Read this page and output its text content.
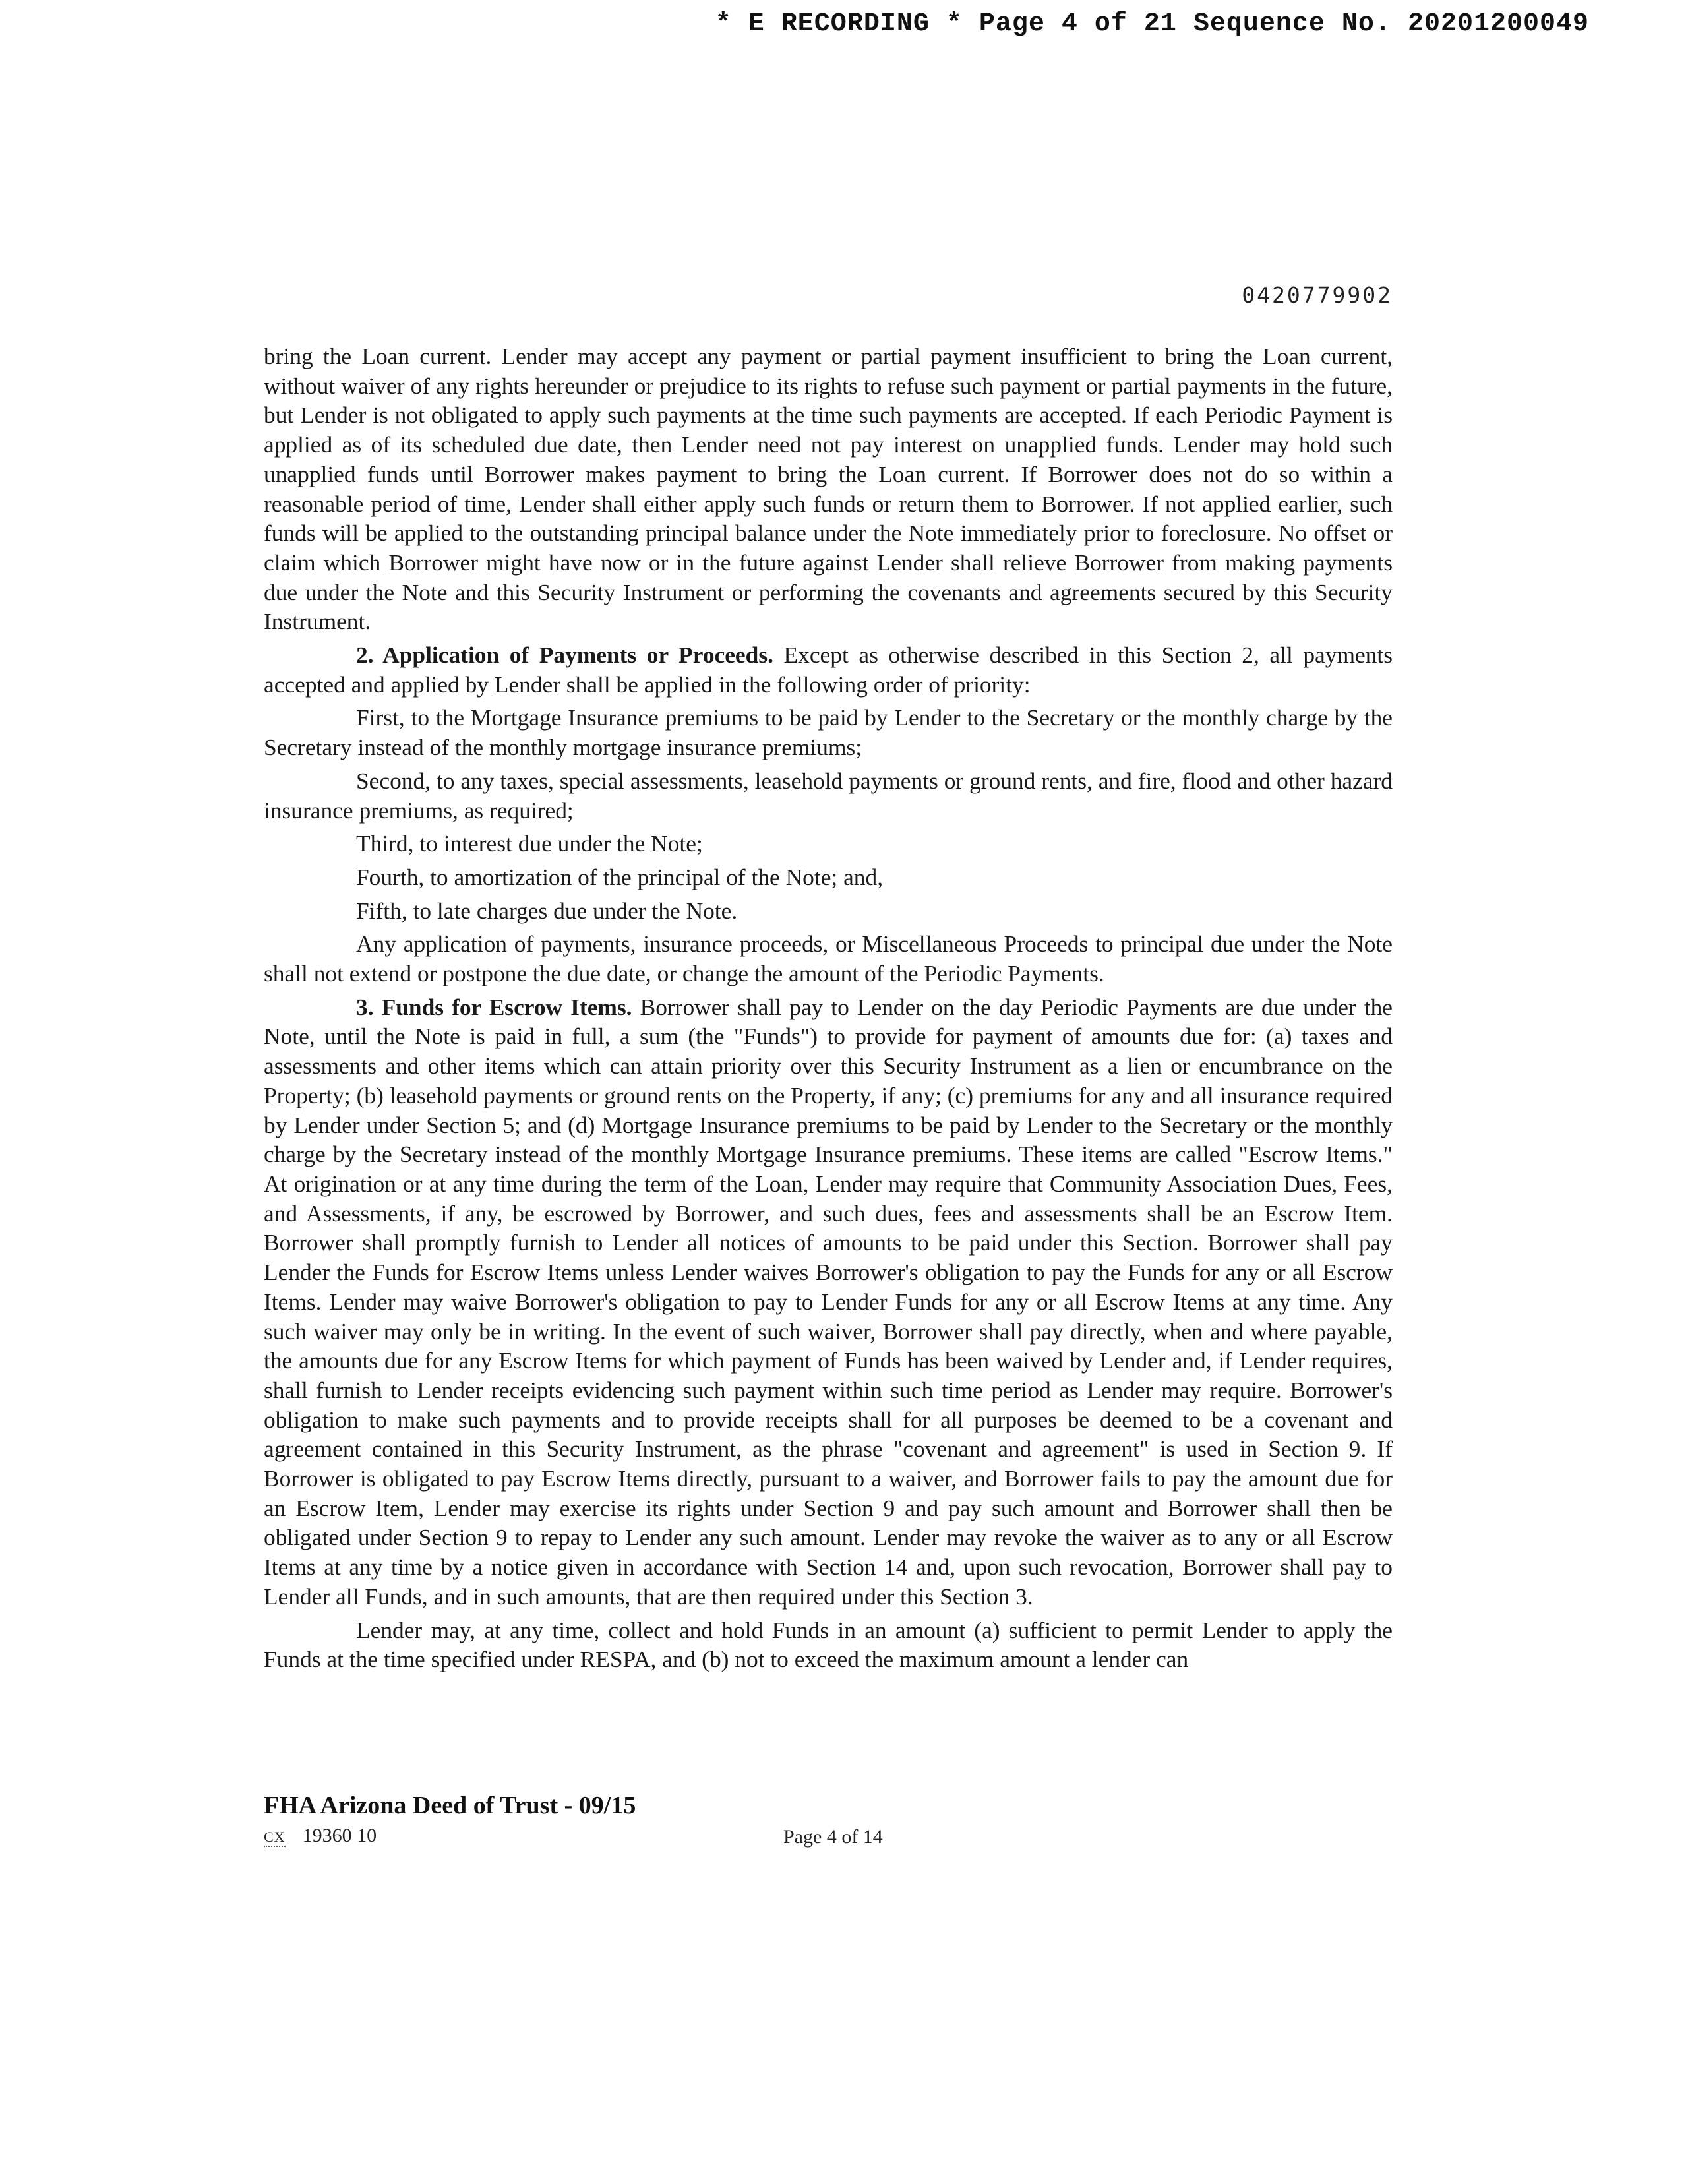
* E RECORDING * Page 4 of 21 Sequence No. 20201200049
0420779902

bring the Loan current. Lender may accept any payment or partial payment insufficient to bring the Loan current, without waiver of any rights hereunder or prejudice to its rights to refuse such payment or partial payments in the future, but Lender is not obligated to apply such payments at the time such payments are accepted. If each Periodic Payment is applied as of its scheduled due date, then Lender need not pay interest on unapplied funds. Lender may hold such unapplied funds until Borrower makes payment to bring the Loan current. If Borrower does not do so within a reasonable period of time, Lender shall either apply such funds or return them to Borrower. If not applied earlier, such funds will be applied to the outstanding principal balance under the Note immediately prior to foreclosure. No offset or claim which Borrower might have now or in the future against Lender shall relieve Borrower from making payments due under the Note and this Security Instrument or performing the covenants and agreements secured by this Security Instrument.

2. Application of Payments or Proceeds. Except as otherwise described in this Section 2, all payments accepted and applied by Lender shall be applied in the following order of priority:

First, to the Mortgage Insurance premiums to be paid by Lender to the Secretary or the monthly charge by the Secretary instead of the monthly mortgage insurance premiums;

Second, to any taxes, special assessments, leasehold payments or ground rents, and fire, flood and other hazard insurance premiums, as required;

Third, to interest due under the Note;

Fourth, to amortization of the principal of the Note; and,

Fifth, to late charges due under the Note.

Any application of payments, insurance proceeds, or Miscellaneous Proceeds to principal due under the Note shall not extend or postpone the due date, or change the amount of the Periodic Payments.

3. Funds for Escrow Items. Borrower shall pay to Lender on the day Periodic Payments are due under the Note, until the Note is paid in full, a sum (the "Funds") to provide for payment of amounts due for: (a) taxes and assessments and other items which can attain priority over this Security Instrument as a lien or encumbrance on the Property; (b) leasehold payments or ground rents on the Property, if any; (c) premiums for any and all insurance required by Lender under Section 5; and (d) Mortgage Insurance premiums to be paid by Lender to the Secretary or the monthly charge by the Secretary instead of the monthly Mortgage Insurance premiums. These items are called "Escrow Items." At origination or at any time during the term of the Loan, Lender may require that Community Association Dues, Fees, and Assessments, if any, be escrowed by Borrower, and such dues, fees and assessments shall be an Escrow Item. Borrower shall promptly furnish to Lender all notices of amounts to be paid under this Section. Borrower shall pay Lender the Funds for Escrow Items unless Lender waives Borrower's obligation to pay the Funds for any or all Escrow Items. Lender may waive Borrower's obligation to pay to Lender Funds for any or all Escrow Items at any time. Any such waiver may only be in writing. In the event of such waiver, Borrower shall pay directly, when and where payable, the amounts due for any Escrow Items for which payment of Funds has been waived by Lender and, if Lender requires, shall furnish to Lender receipts evidencing such payment within such time period as Lender may require. Borrower's obligation to make such payments and to provide receipts shall for all purposes be deemed to be a covenant and agreement contained in this Security Instrument, as the phrase "covenant and agreement" is used in Section 9. If Borrower is obligated to pay Escrow Items directly, pursuant to a waiver, and Borrower fails to pay the amount due for an Escrow Item, Lender may exercise its rights under Section 9 and pay such amount and Borrower shall then be obligated under Section 9 to repay to Lender any such amount. Lender may revoke the waiver as to any or all Escrow Items at any time by a notice given in accordance with Section 14 and, upon such revocation, Borrower shall pay to Lender all Funds, and in such amounts, that are then required under this Section 3.

Lender may, at any time, collect and hold Funds in an amount (a) sufficient to permit Lender to apply the Funds at the time specified under RESPA, and (b) not to exceed the maximum amount a lender can

FHA Arizona Deed of Trust - 09/15
CX 19360 10	Page 4 of 14
